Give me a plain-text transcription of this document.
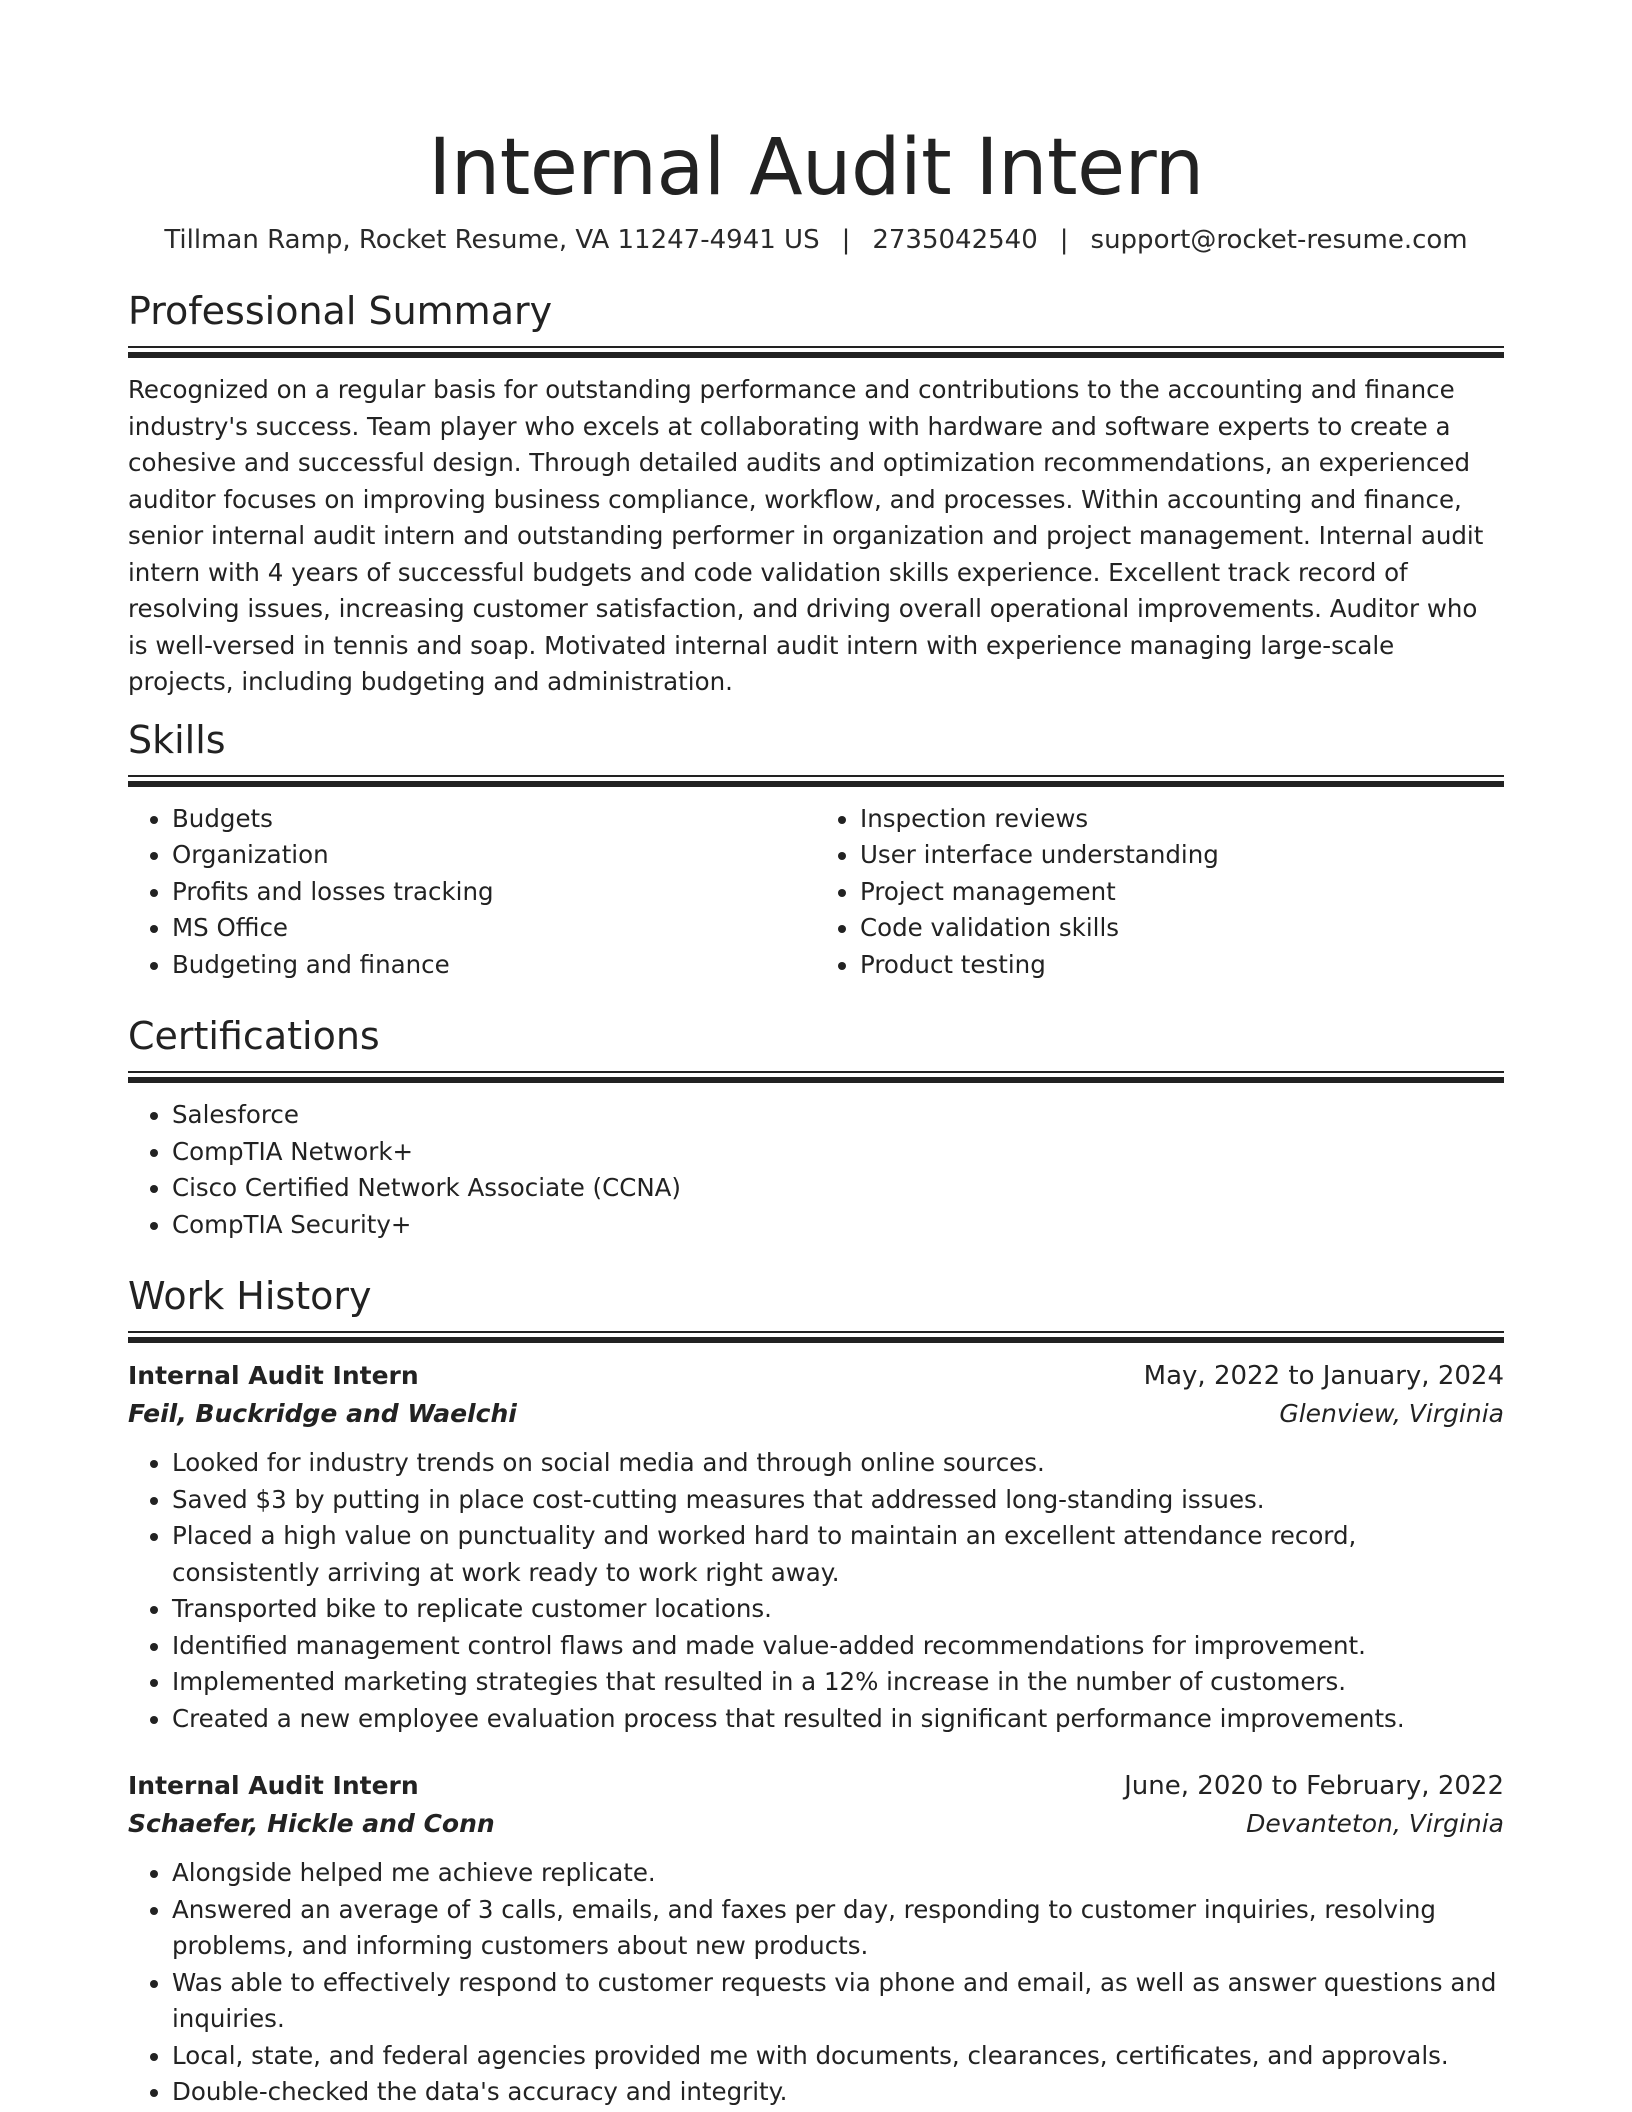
Internal Audit Intern
Tillman Ramp, Rocket Resume, VA 11247-4941 US | 2735042540 | support@rocket-resume.com
Professional Summary

Recognized on a regular basis for outstanding performance and contributions to the accounting and finance industry's success. Team player who excels at collaborating with hardware and software experts to create a cohesive and successful design. Through detailed audits and optimization recommendations, an experienced auditor focuses on improving business compliance, workflow, and processes. Within accounting and finance, senior internal audit intern and outstanding performer in organization and project management. Internal audit intern with 4 years of successful budgets and code validation skills experience. Excellent track record of resolving issues, increasing customer satisfaction, and driving overall operational improvements. Auditor who is well-versed in tennis and soap. Motivated internal audit intern with experience managing large-scale projects, including budgeting and administration.

Skills
• Budgets
• Organization
• Profits and losses tracking
• MS Office
• Budgeting and finance
• Inspection reviews
• User interface understanding
• Project management
• Code validation skills
• Product testing
Certifications
• Salesforce
• CompTIA Network+
• Cisco Certified Network Associate (CCNA)
• CompTIA Security+
Work History
Internal Audit Intern	May, 2022 to January, 2024
Feil, Buckridge and Waelchi	Glenview, Virginia
• Looked for industry trends on social media and through online sources.
• Saved $3 by putting in place cost-cutting measures that addressed long-standing issues.
• Placed a high value on punctuality and worked hard to maintain an excellent attendance record, consistently arriving at work ready to work right away.
• Transported bike to replicate customer locations.
• Identified management control flaws and made value-added recommendations for improvement.
• Implemented marketing strategies that resulted in a 12% increase in the number of customers.
• Created a new employee evaluation process that resulted in significant performance improvements.
Internal Audit Intern	June, 2020 to February, 2022
Schaefer, Hickle and Conn	Devanteton, Virginia
• Alongside helped me achieve replicate.
• Answered an average of 3 calls, emails, and faxes per day, responding to customer inquiries, resolving problems, and informing customers about new products.
• Was able to effectively respond to customer requests via phone and email, as well as answer questions and inquiries.
• Local, state, and federal agencies provided me with documents, clearances, certificates, and approvals.
• Double-checked the data's accuracy and integrity.
